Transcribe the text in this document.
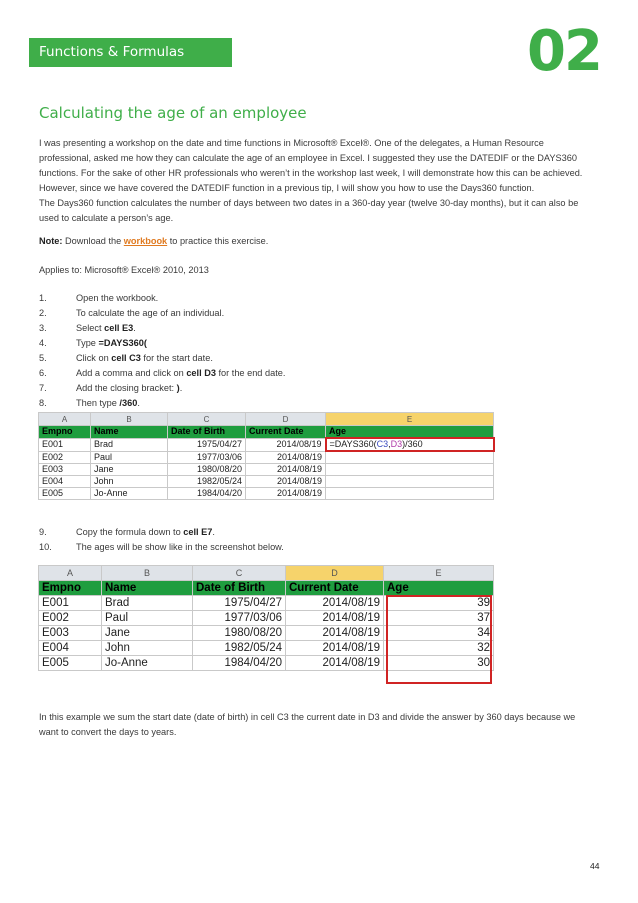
Functions & Formulas	02
Calculating the age of an employee

I was presenting a workshop on the date and time functions in Microsoft® Excel®. One of the delegates, a Human Resource

professional, asked me how they can calculate the age of an employee in Excel. I suggested they use the DATEDIF or the DAYS360

functions. For the sake of other HR professionals who weren’t in the workshop last week, I will demonstrate how this can be achieved.

However, since we have covered the DATEDIF function in a previous tip, I will show you how to use the Days360 function.

The Days360 function calculates the number of days between two dates in a 360-day year (twelve 30-day months), but it can also be

used to calculate a person’s age.

Note: Download the workbook to practice this exercise.

Applies to: Microsoft® Excel® 2010, 2013
1.	Open the workbook.
2.	To calculate the age of an individual.
3.	Select cell E3.
4.	Type =DAYS360(
5.	Click on cell C3 for the start date.
6.	Add a comma and click on cell D3 for the end date.
7.	Add the closing bracket: ).
8.	Then type /360.
A	B	C	D	E
Empno	Name	Date of Birth	Current Date	Age
E001	Brad	1975/04/27	2014/08/19	=DAYS360(C3,D3)/360
E002	Paul	1977/03/06	2014/08/19	
E003	Jane	1980/08/20	2014/08/19	
E004	John	1982/05/24	2014/08/19	
E005	Jo-Anne	1984/04/20	2014/08/19	
9.	Copy the formula down to cell E7.
10.	The ages will be show like in the screenshot below.
A	B	C	D	E
Empno	Name	Date of Birth	Current Date	Age
E001	Brad	1975/04/27	2014/08/19	39
E002	Paul	1977/03/06	2014/08/19	37
E003	Jane	1980/08/20	2014/08/19	34
E004	John	1982/05/24	2014/08/19	32
E005	Jo-Anne	1984/04/20	2014/08/19	30

In this example we sum the start date (date of birth) in cell C3 the current date in D3 and divide the answer by 360 days because we

want to convert the days to years.

44
